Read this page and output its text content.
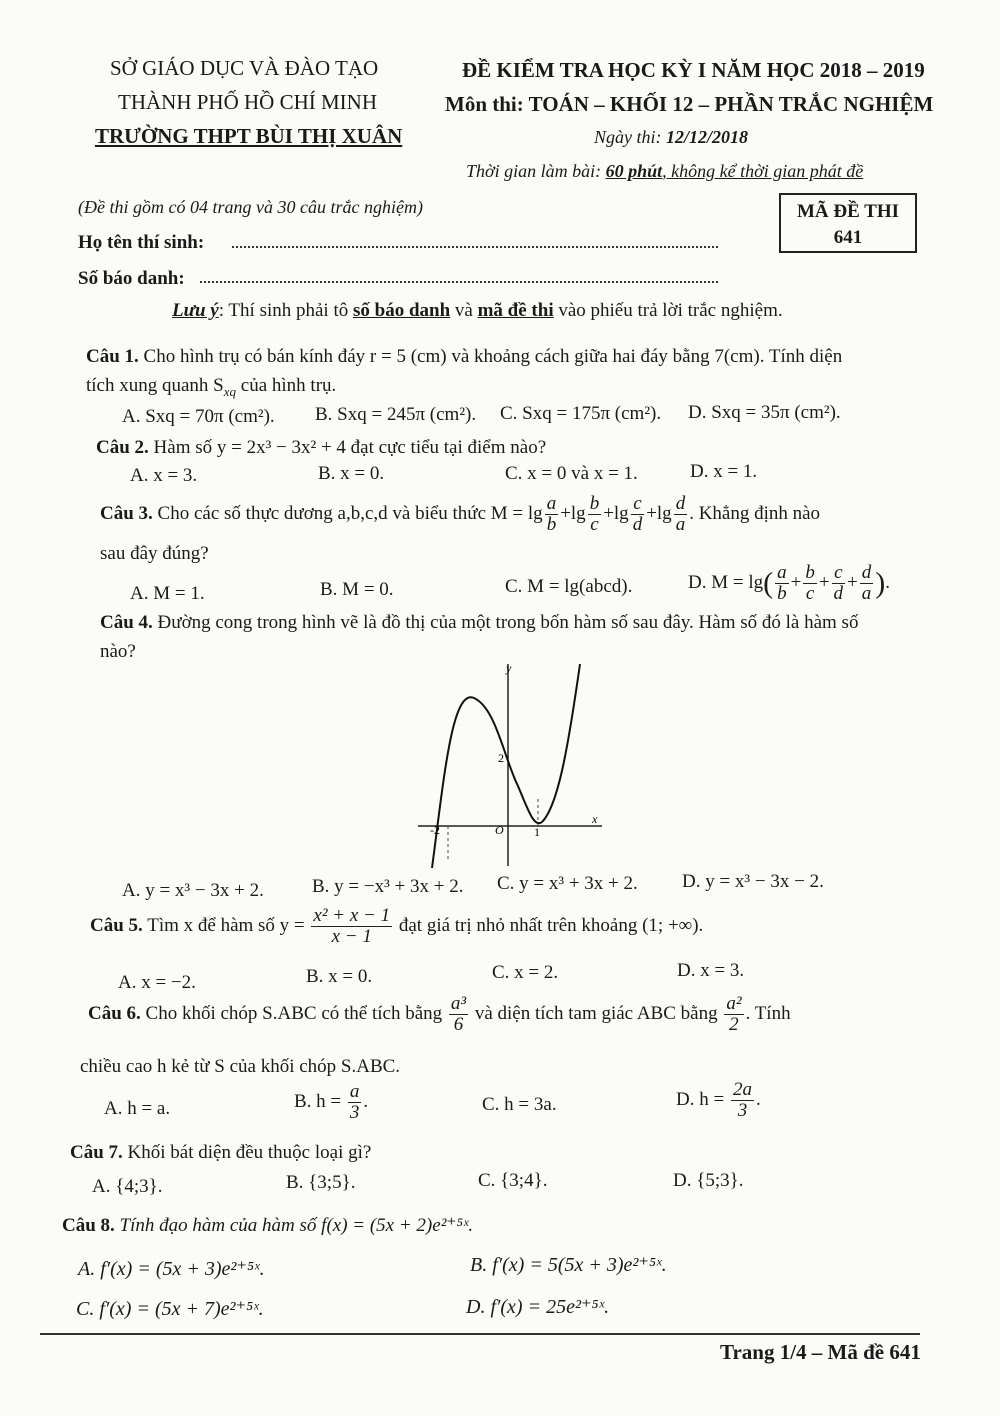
SỞ GIÁO DỤC VÀ ĐÀO TẠO
THÀNH PHỐ HỒ CHÍ MINH
TRƯỜNG THPT BÙI THỊ XUÂN
ĐỀ KIỂM TRA HỌC KỲ I NĂM HỌC 2018 – 2019
Môn thi: TOÁN – KHỐI 12 – PHẦN TRẮC NGHIỆM
Ngày thi: 12/12/2018
Thời gian làm bài: 60 phút, không kể thời gian phát đề
(Đề thi gồm có 04 trang và 30 câu trắc nghiệm)	MÃ ĐỀ THI
641
Họ tên thí sinh:
Số báo danh:
Lưu ý: Thí sinh phải tô số báo danh và mã đề thi vào phiếu trả lời trắc nghiệm.
Câu 1. Cho hình trụ có bán kính đáy r = 5 (cm) và khoảng cách giữa hai đáy bằng 7(cm). Tính diện
tích xung quanh $S_{xq}$ của hình trụ.
A. Sxq = 70π (cm²). B. Sxq = 245π (cm²). C. Sxq = 175π (cm²). D. Sxq = 35π (cm²).
Câu 2. Hàm số y = 2x³ − 3x² + 4 đạt cực tiểu tại điểm nào?
A. x = 3.	B. x = 0.	C. x = 0 và x = 1.	D. x = 1.
Câu 3. Cho các số thực dương a,b,c,d và biểu thức $M = \lg \frac{a}{b} +\lg \frac{b}{c} +\lg \frac{c}{d} +\lg \frac{d}{a}$ . Khẳng định nào
sau đây đúng?
A. M = 1.	B. M = 0.	C. M = lg(abcd).	D. $M = \lg( \frac{a}{b} + \frac{b}{c} + \frac{c}{d} + \frac{d}{a}$ ).
Câu 4. Đường cong trong hình vẽ là đồ thị của một trong bốn hàm số sau đây. Hàm số đó là hàm số
nào?
y
x
2
-2	O	1
A. y = x³ − 3x + 2.	B. y = −x³ + 3x + 2. C. y = x³ + 3x + 2. D. y = x³ − 3x − 2.
Câu 5. Tìm x để hàm số $y = \frac{\text{x² + x − 1}}{x - 1}$ đạt giá trị nhỏ nhất trên khoảng (1; +∞).
A. x = −2.	B. x = 0.	C. x = 2.	D. x = 3.
Câu 6. Cho khối chóp S.ABC có thể tích bằng $\frac{\text{a³}}{6}$ và diện tích tam giác ABC bằng $\frac{\text{a²}}{2}$ . Tính
chiều cao h kẻ từ S của khối chóp S.ABC.
A. h = a.	B. $h = \frac{a}{3}$ .	C. h = 3a.	D. $h = \frac{2a}{3}$ .
Câu 7. Khối bát diện đều thuộc loại gì?
A. {4;3}.	B. {3;5}.	C. {3;4}.	D. {5;3}.
Câu 8. Tính đạo hàm của hàm số f(x) = (5x + 2)e²⁺⁵ˣ.
A. f′(x) = (5x + 3)e²⁺⁵ˣ.	B. f′(x) = 5(5x + 3)e²⁺⁵ˣ.
C. f′(x) = (5x + 7)e²⁺⁵ˣ.	D. f′(x) = 25e²⁺⁵ˣ.
Trang 1/4 – Mã đề 641
